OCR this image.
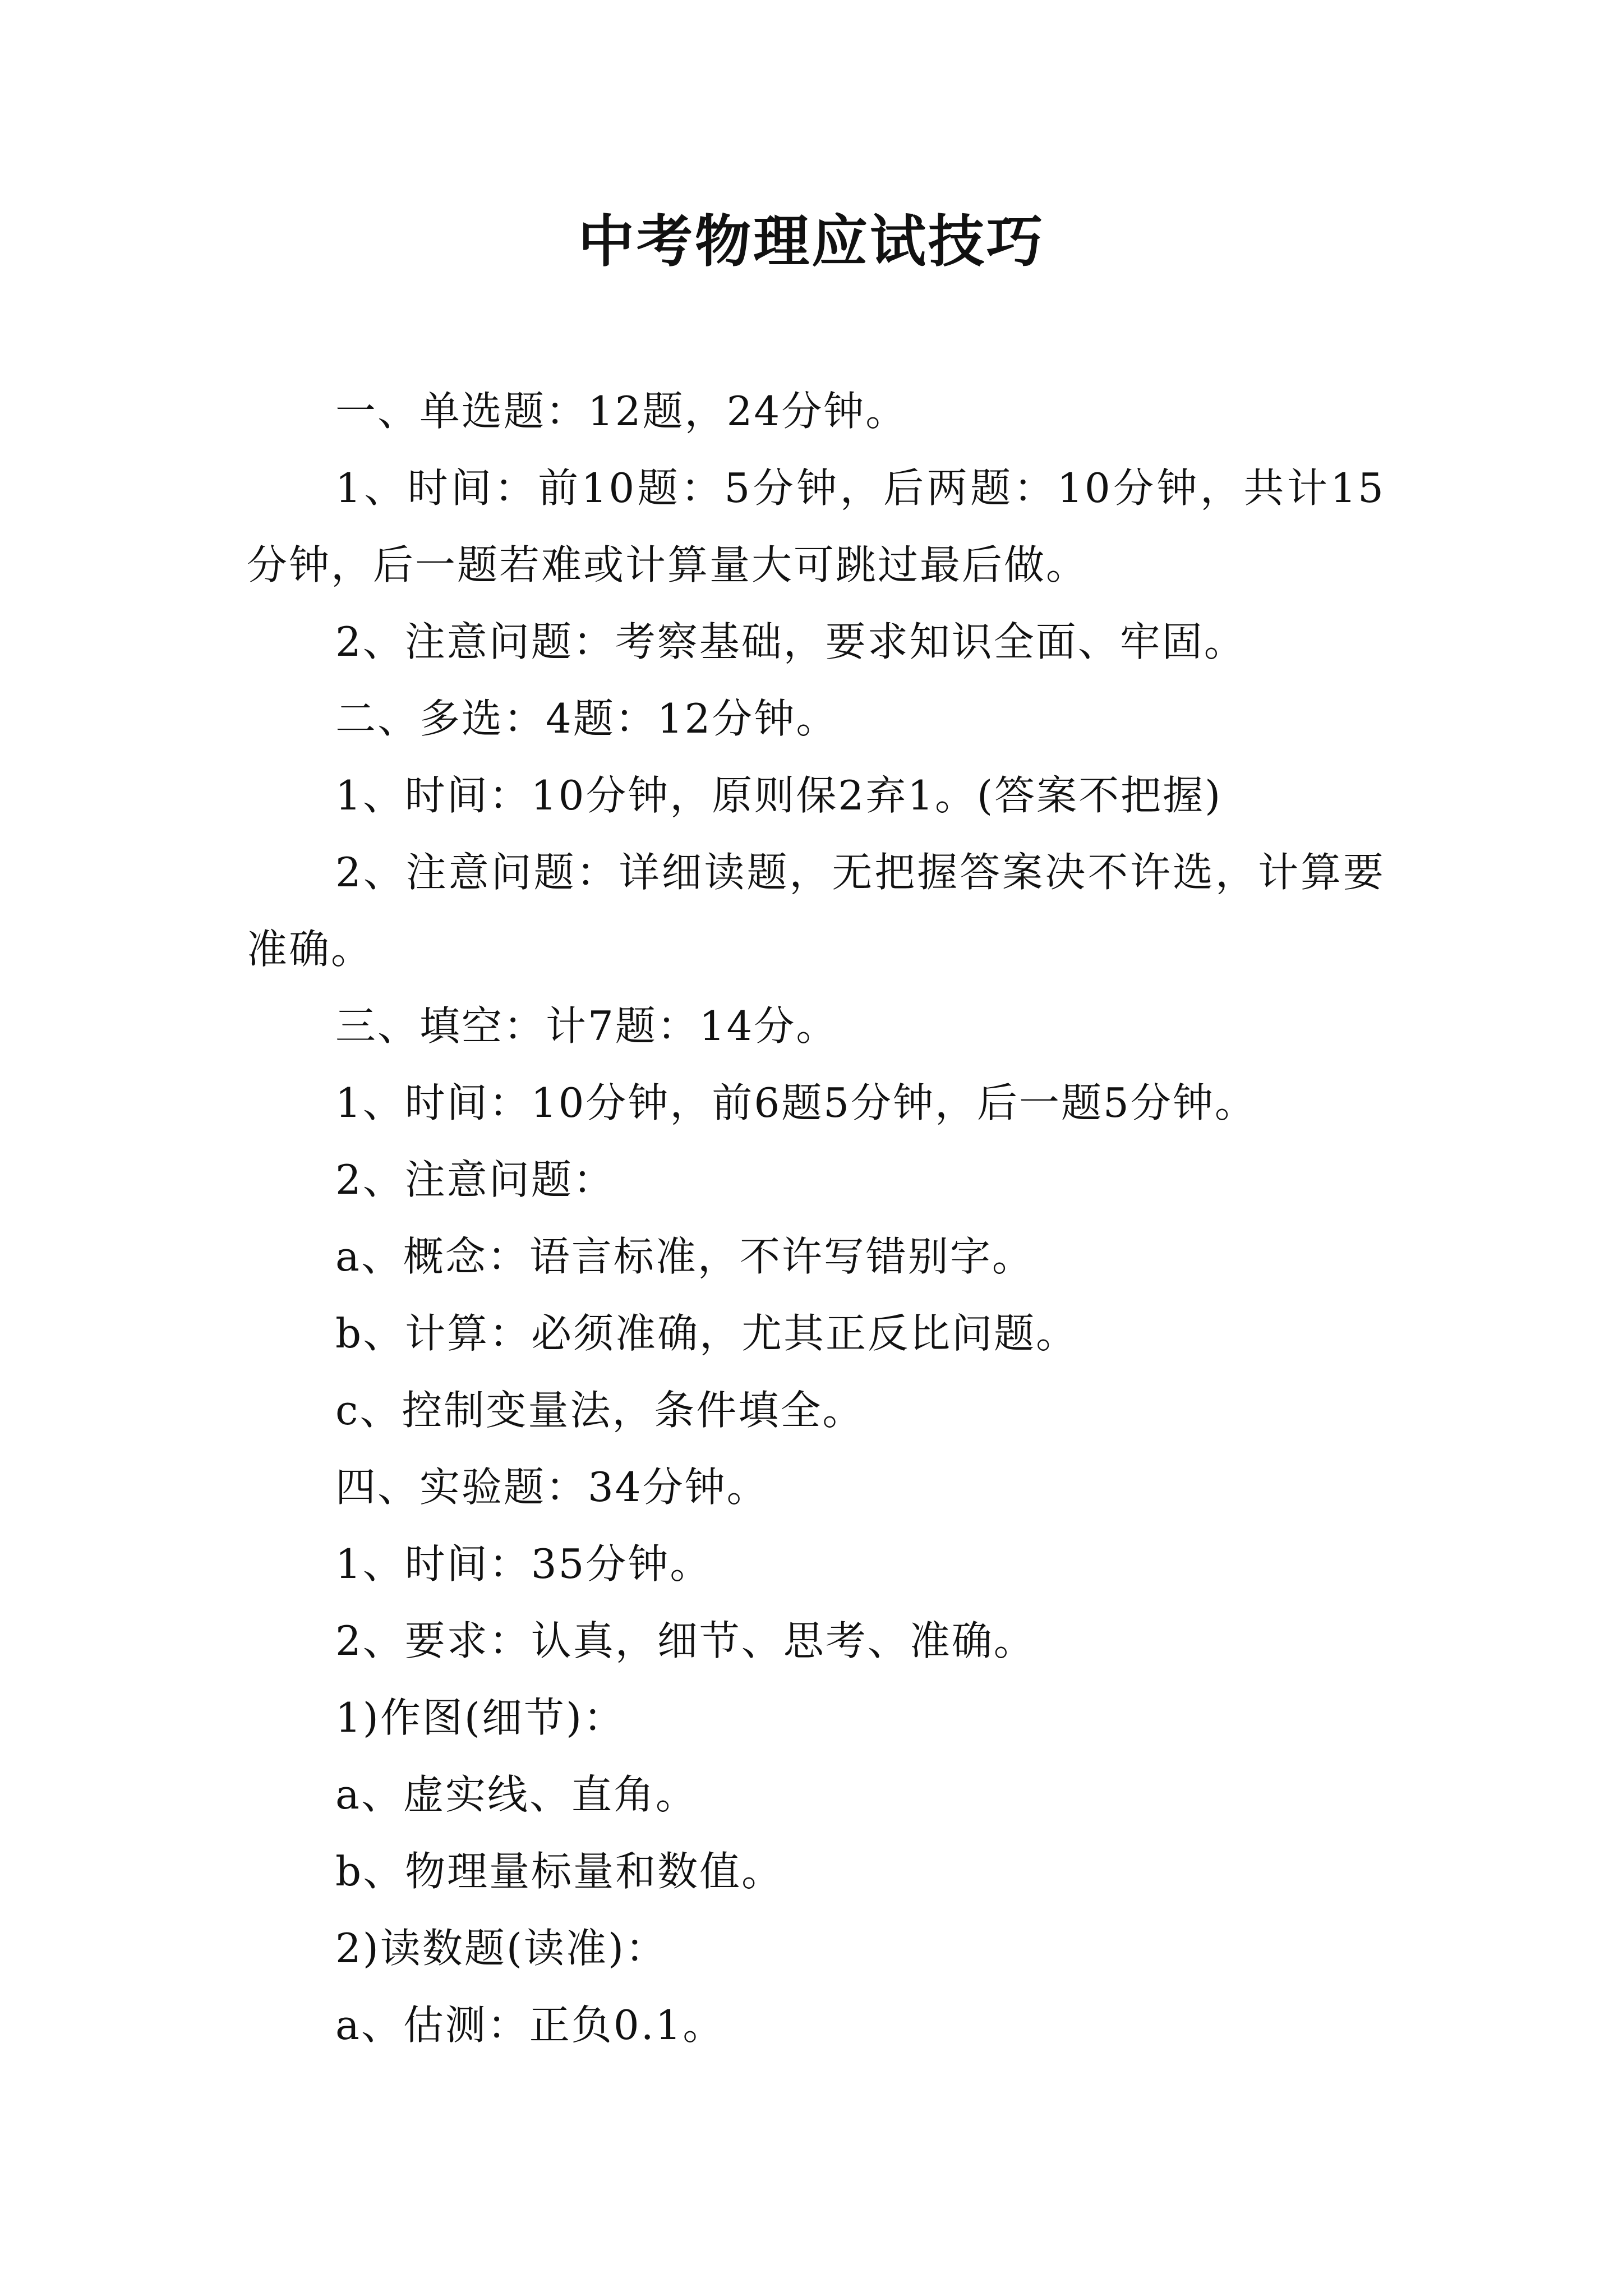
中考物理应试技巧

一、单选题：12题，24分钟。

1、时间：前10题：5分钟，后两题：10分钟，共计15分钟，后一题若难或计算量大可跳过最后做。

2、注意问题：考察基础，要求知识全面、牢固。

二、多选：4题：12分钟。

1、时间：10分钟，原则保2弃1。(答案不把握)

2、注意问题：详细读题，无把握答案决不许选，计算要准确。

三、填空：计7题：14分。

1、时间：10分钟，前6题5分钟，后一题5分钟。

2、注意问题：

a、概念：语言标准，不许写错别字。

b、计算：必须准确，尤其正反比问题。

c、控制变量法，条件填全。

四、实验题：34分钟。

1、时间：35分钟。

2、要求：认真，细节、思考、准确。

1)作图(细节)：

a、虚实线、直角。

b、物理量标量和数值。

2)读数题(读准)：

a、估测：正负0.1。
